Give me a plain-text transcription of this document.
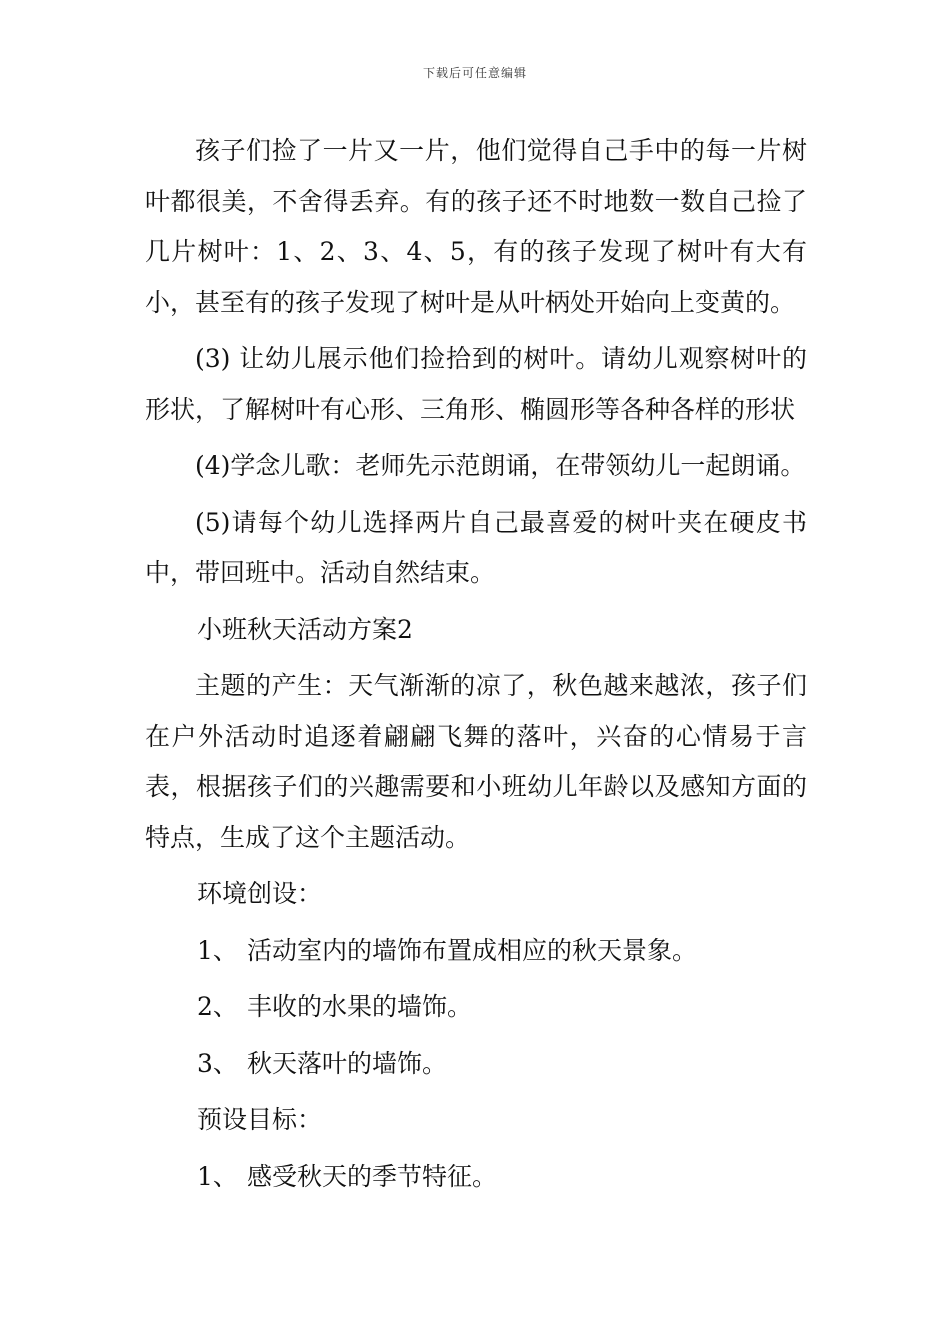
下载后可任意编辑

孩子们捡了一片又一片，他们觉得自己手中的每一片树叶都很美，不舍得丢弃。有的孩子还不时地数一数自己捡了几片树叶：1、2、3、4、5，有的孩子发现了树叶有大有小，甚至有的孩子发现了树叶是从叶柄处开始向上变黄的。

(3) 让幼儿展示他们捡拾到的树叶。请幼儿观察树叶的形状，了解树叶有心形、三角形、椭圆形等各种各样的形状

(4)学念儿歌：老师先示范朗诵，在带领幼儿一起朗诵。

(5)请每个幼儿选择两片自己最喜爱的树叶夹在硬皮书中，带回班中。活动自然结束。

小班秋天活动方案2

主题的产生：天气渐渐的凉了，秋色越来越浓，孩子们在户外活动时追逐着翩翩飞舞的落叶，兴奋的心情易于言表，根据孩子们的兴趣需要和小班幼儿年龄以及感知方面的特点，生成了这个主题活动。

环境创设：

1、 活动室内的墙饰布置成相应的秋天景象。
2、 丰收的水果的墙饰。
3、 秋天落叶的墙饰。

预设目标：

1、 感受秋天的季节特征。
